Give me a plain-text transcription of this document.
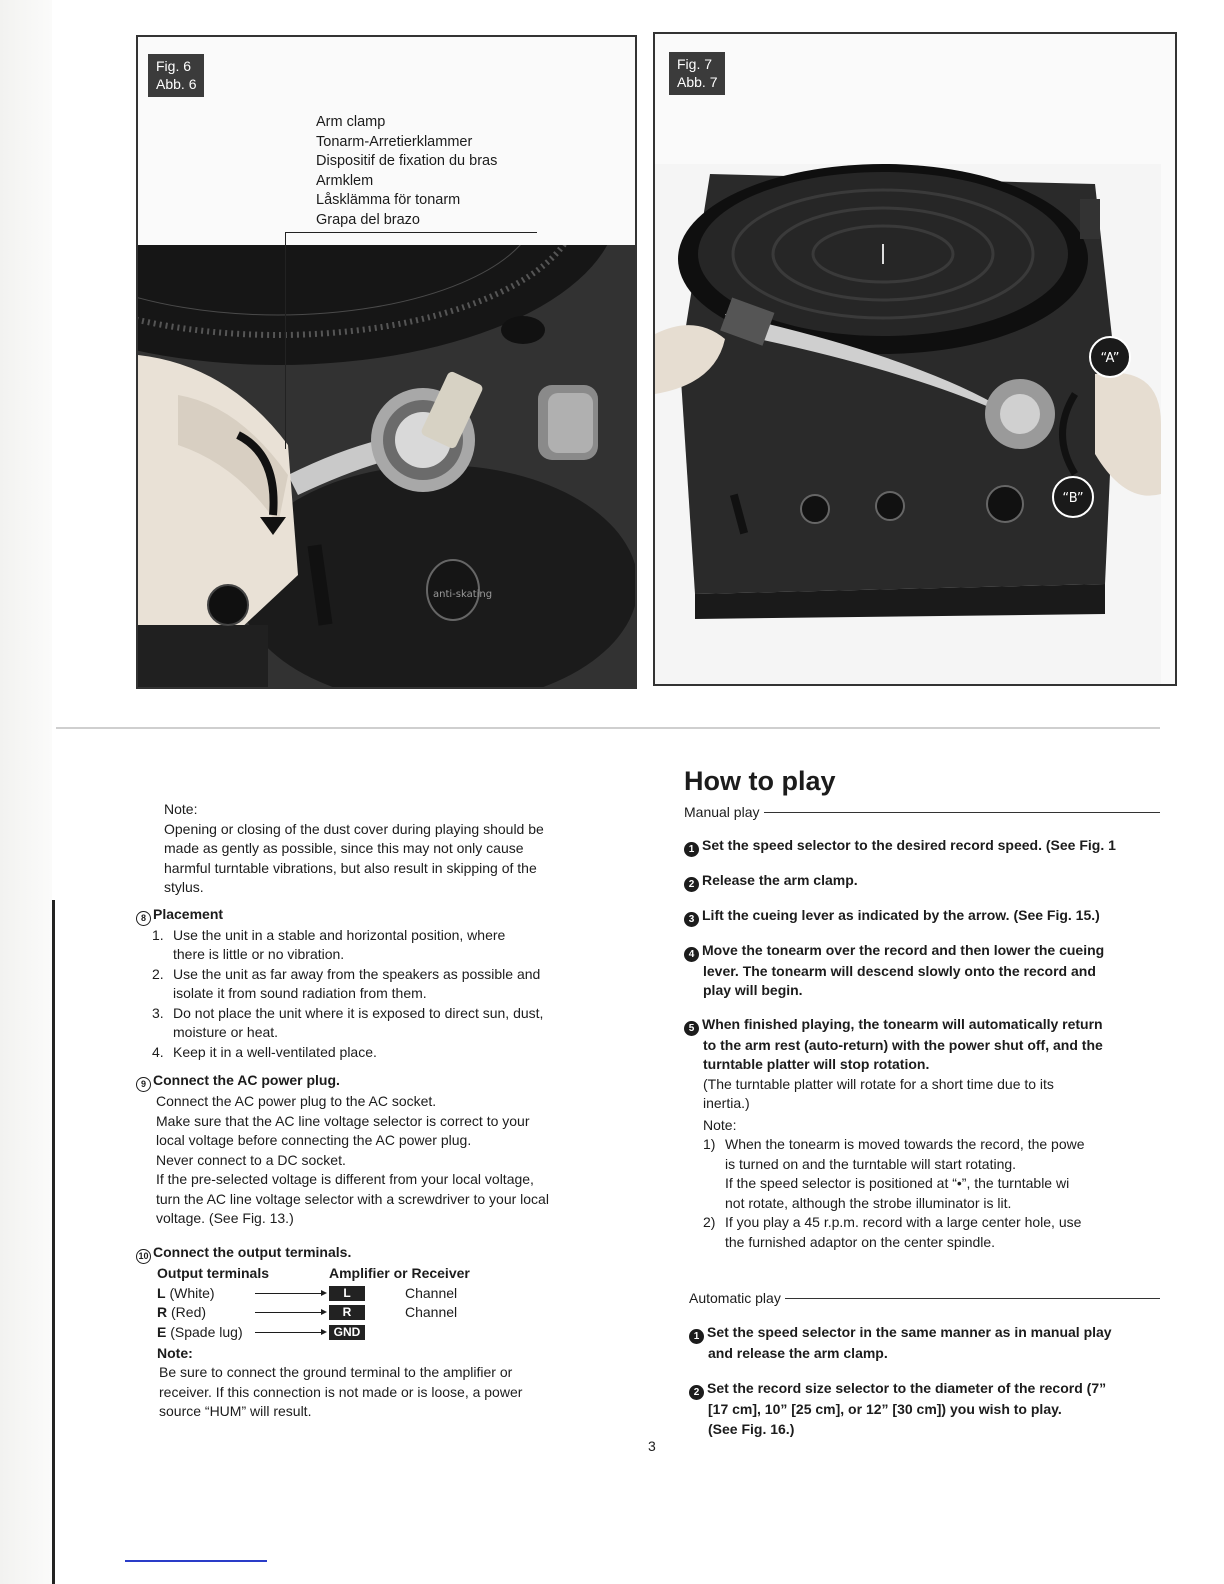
Fig. 6
Abb. 6
Arm clamp
Tonarm-Arretierklammer
Dispositif de fixation du bras
Armklem
Låsklämma för tonarm
Grapa del brazo
anti-skating
Fig. 7
Abb. 7
“A”
“B”
Note:
Opening or closing of the dust cover during playing should be
made as gently as possible, since this may not only cause
harmful turntable vibrations, but also result in skipping of the
stylus.
8 Placement
1. Use the unit in a stable and horizontal position, where
there is little or no vibration.
2. Use the unit as far away from the speakers as possible and
isolate it from sound radiation from them.
3. Do not place the unit where it is exposed to direct sun, dust,
moisture or heat.
4. Keep it in a well-ventilated place.
9 Connect the AC power plug.
Connect the AC power plug to the AC socket.
Make sure that the AC line voltage selector is correct to your
local voltage before connecting the AC power plug.
Never connect to a DC socket.
If the pre-selected voltage is different from your local voltage,
turn the AC line voltage selector with a screwdriver to your local
voltage. (See Fig. 13.)
10 Connect the output terminals.
Output terminals	Amplifier or Receiver
L (White)	L	Channel
R (Red)	R	Channel
E (Spade lug)	GND
Note:
Be sure to connect the ground terminal to the amplifier or
receiver. If this connection is not made or is loose, a power
source “HUM” will result.
How to play
Manual play
1 Set the speed selector to the desired record speed. (See Fig. 1
2 Release the arm clamp.
3 Lift the cueing lever as indicated by the arrow. (See Fig. 15.)
4 Move the tonearm over the record and then lower the cueing
lever. The tonearm will descend slowly onto the record and
play will begin.
5 When finished playing, the tonearm will automatically return
to the arm rest (auto-return) with the power shut off, and the
turntable platter will stop rotation.
(The turntable platter will rotate for a short time due to its
inertia.)
Note:
1) When the tonearm is moved towards the record, the powe
is turned on and the turntable will start rotating.
If the speed selector is positioned at “•”, the turntable wi
not rotate, although the strobe illuminator is lit.
2) If you play a 45 r.p.m. record with a large center hole, use
the furnished adaptor on the center spindle.
Automatic play
1 Set the speed selector in the same manner as in manual play
and release the arm clamp.
2 Set the record size selector to the diameter of the record (7”
[17 cm], 10” [25 cm], or 12” [30 cm]) you wish to play.
(See Fig. 16.)
3
